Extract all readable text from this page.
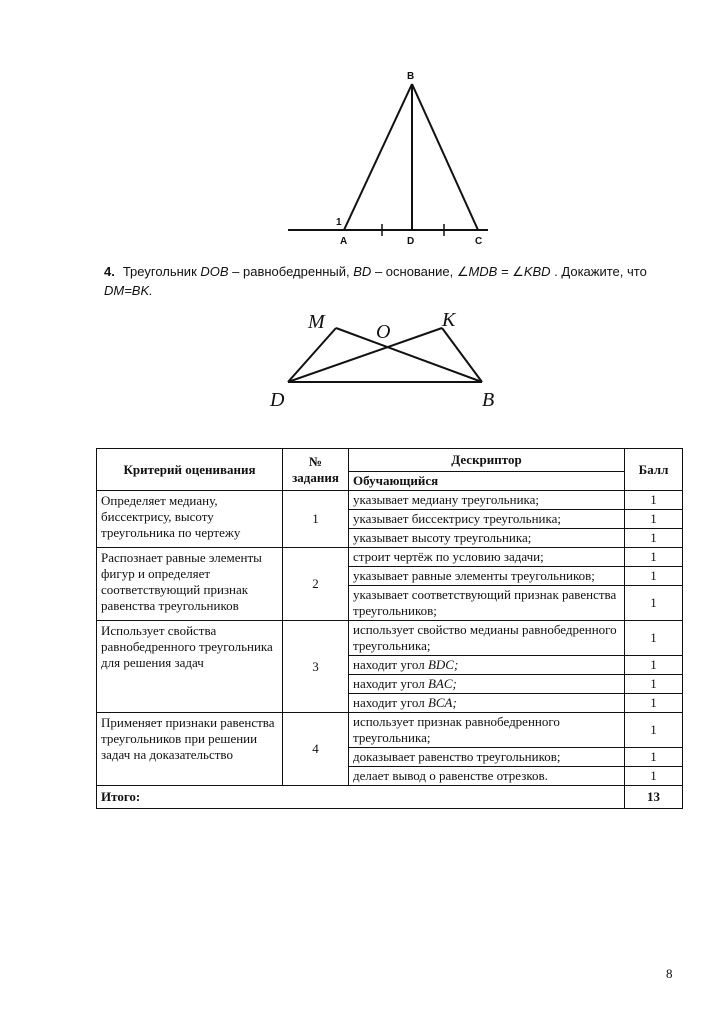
B
1
A	D	C
4. Треугольник DOB – равнобедренный, BD – основание, ∠MDB = ∠KBD . Докажите, что
DM=BK.
M	O
K
D	B
Критерий оценивания	№ задания	Дескриптор	Балл
		Обучающийся	
Определяет медиану, биссектрису, высоту треугольника по чертежу	1	указывает медиану треугольника;	1
		указывает биссектрису треугольника;	1
		указывает высоту треугольника;	1
Распознает равные элементы фигур и определяет соответствующий признак равенства треугольников	2	строит чертёж по условию задачи;	1
		указывает равные элементы треугольников;	1
		указывает соответствующий признак равенства треугольников;	1
Использует свойства равнобедренного треугольника для решения задач	3	использует свойство медианы равнобедренного треугольника;	1
		находит угол BDC;	1
		находит угол BAC;	1
		находит угол BCA;	1
Применяет признаки равенства треугольников при решении задач на доказательство	4	использует признак равнобедренного треугольника;	1
		доказывает равенство треугольников;	1
		делает вывод о равенстве отрезков.	1
Итого:			13
8
